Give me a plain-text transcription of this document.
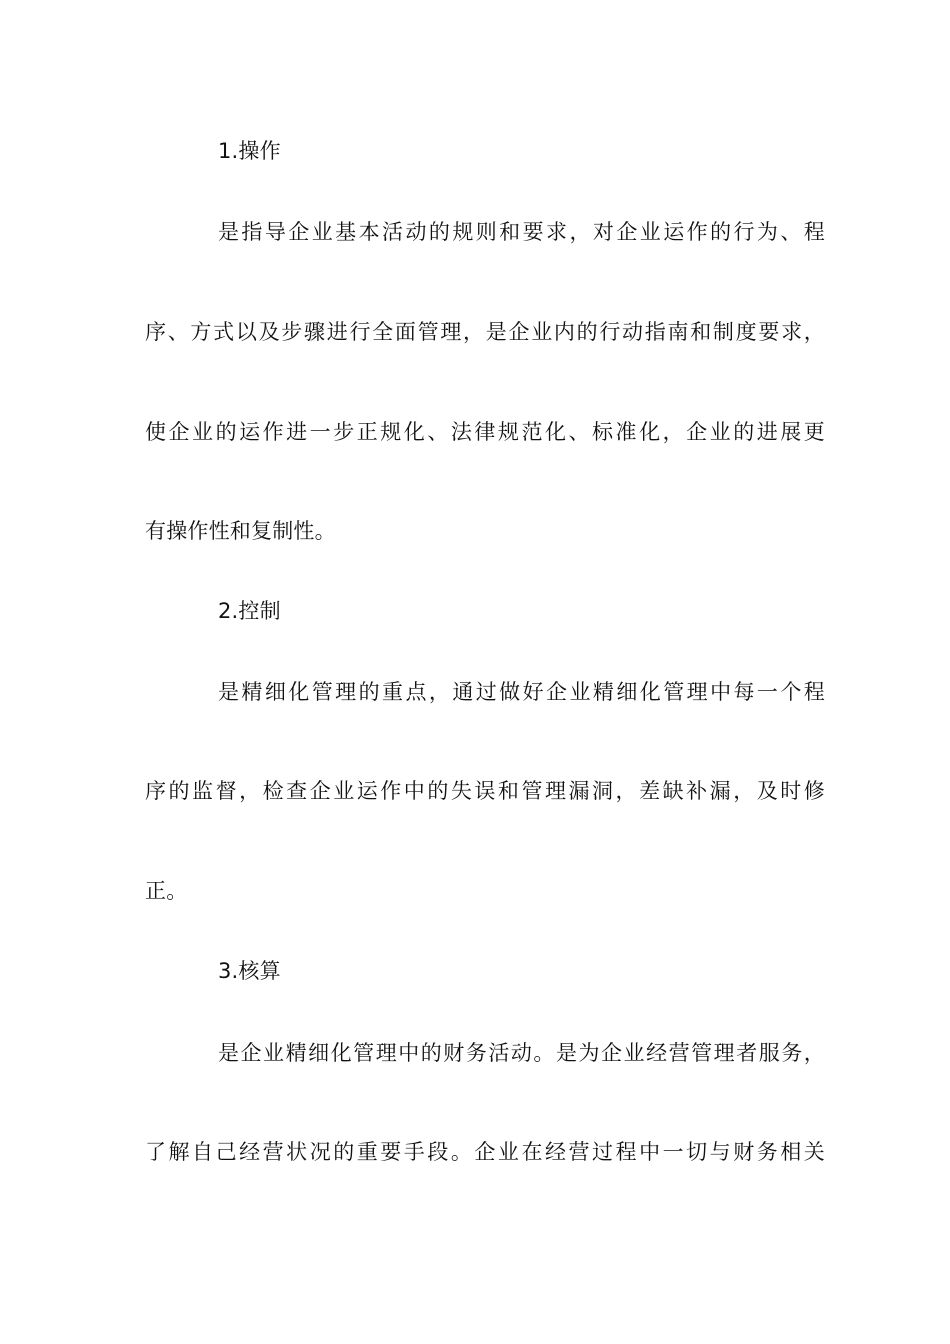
1.操作
是指导企业基本活动的规则和要求，对企业运作的行为、程
序、方式以及步骤进行全面管理，是企业内的行动指南和制度要求，
使企业的运作进一步正规化、法律规范化、标准化，企业的进展更
有操作性和复制性。
2.控制
是精细化管理的重点，通过做好企业精细化管理中每一个程
序的监督，检查企业运作中的失误和管理漏洞，差缺补漏，及时修
正。
3.核算
是企业精细化管理中的财务活动。是为企业经营管理者服务，
了解自己经营状况的重要手段。企业在经营过程中一切与财务相关
